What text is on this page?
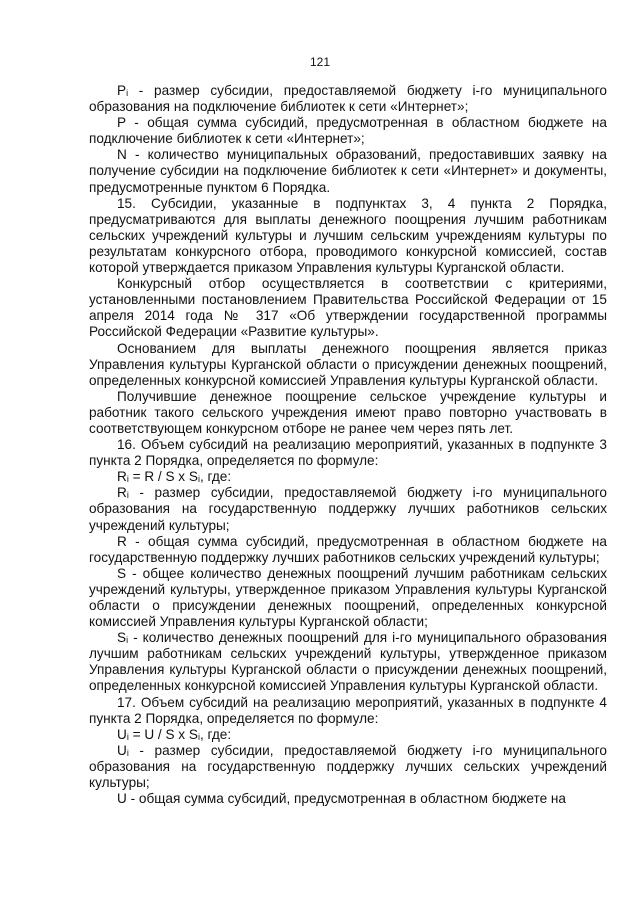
121

$P_i$ - размер субсидии, предоставляемой бюджету i-го муниципального образования на подключение библиотек к сети «Интернет»;

P - общая сумма субсидий, предусмотренная в областном бюджете на подключение библиотек к сети «Интернет»;

N - количество муниципальных образований, предоставивших заявку на получение субсидии на подключение библиотек к сети «Интернет» и документы, предусмотренные пунктом 6 Порядка.

15. Субсидии, указанные в подпунктах 3, 4 пункта 2 Порядка, предусматриваются для выплаты денежного поощрения лучшим работникам сельских учреждений культуры и лучшим сельским учреждениям культуры по результатам конкурсного отбора, проводимого конкурсной комиссией, состав которой утверждается приказом Управления культуры Курганской области.

Конкурсный отбор осуществляется в соответствии с критериями, установленными постановлением Правительства Российской Федерации от 15 апреля 2014 года № 317 «Об утверждении государственной программы Российской Федерации «Развитие культуры».

Основанием для выплаты денежного поощрения является приказ Управления культуры Курганской области о присуждении денежных поощрений, определенных конкурсной комиссией Управления культуры Курганской области.

Получившие денежное поощрение сельское учреждение культуры и работник такого сельского учреждения имеют право повторно участвовать в соответствующем конкурсном отборе не ранее чем через пять лет.

16. Объем субсидий на реализацию мероприятий, указанных в подпункте 3 пункта 2 Порядка, определяется по формуле:

$R_i = R / S$ x $S_i$, где:

$R_i$ - размер субсидии, предоставляемой бюджету i-го муниципального образования на государственную поддержку лучших работников сельских учреждений культуры;

R - общая сумма субсидий, предусмотренная в областном бюджете на государственную поддержку лучших работников сельских учреждений культуры;

S - общее количество денежных поощрений лучшим работникам сельских учреждений культуры, утвержденное приказом Управления культуры Курганской области о присуждении денежных поощрений, определенных конкурсной комиссией Управления культуры Курганской области;

$S_i$ - количество денежных поощрений для i-го муниципального образования лучшим работникам сельских учреждений культуры, утвержденное приказом Управления культуры Курганской области о присуждении денежных поощрений, определенных конкурсной комиссией Управления культуры Курганской области.

17. Объем субсидий на реализацию мероприятий, указанных в подпункте 4 пункта 2 Порядка, определяется по формуле:

$U_i = U / S$ x $S_i$, где:

$U_i$ - размер субсидии, предоставляемой бюджету i-го муниципального образования на государственную поддержку лучших сельских учреждений культуры;

U - общая сумма субсидий, предусмотренная в областном бюджете на
